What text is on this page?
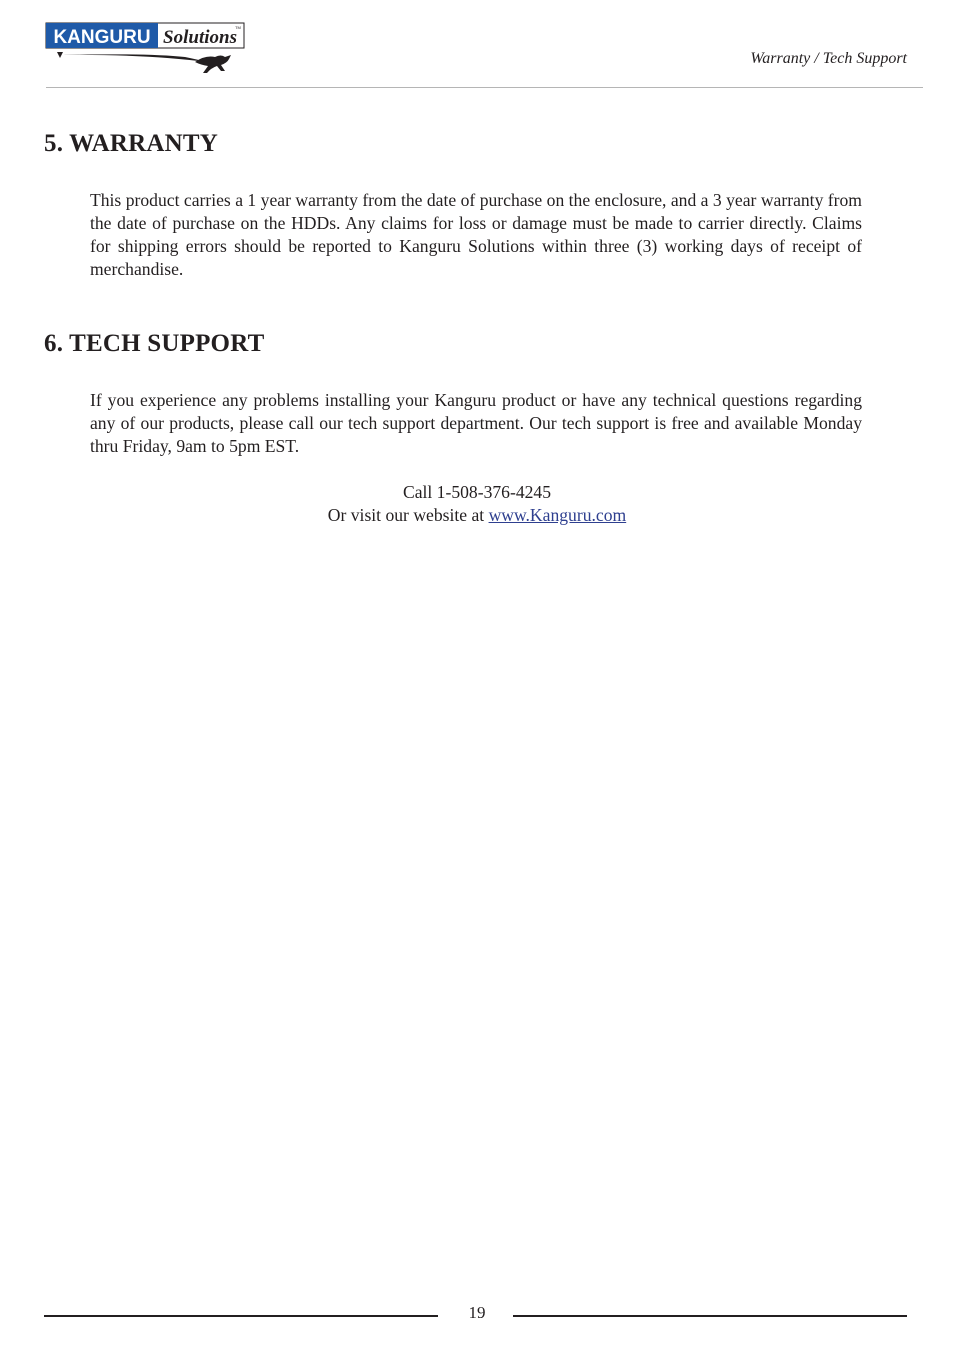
KANGURU Solutions
TM
Warranty / Tech Support
5. WARRANTY

This product carries a 1 year warranty from the date of purchase on the enclosure, and a 3 year warranty from the date of purchase on the HDDs. Any claims for loss or damage must be made to carrier directly. Claims for shipping errors should be reported to Kanguru Solutions within three (3) working days of receipt of merchandise.

6. TECH SUPPORT

If you experience any problems installing your Kanguru product or have any technical questions regarding any of our products, please call our tech support department. Our tech support is free and available Monday thru Friday, 9am to 5pm EST.

Call 1-508-376-4245
Or visit our website at www.Kanguru.com
19
